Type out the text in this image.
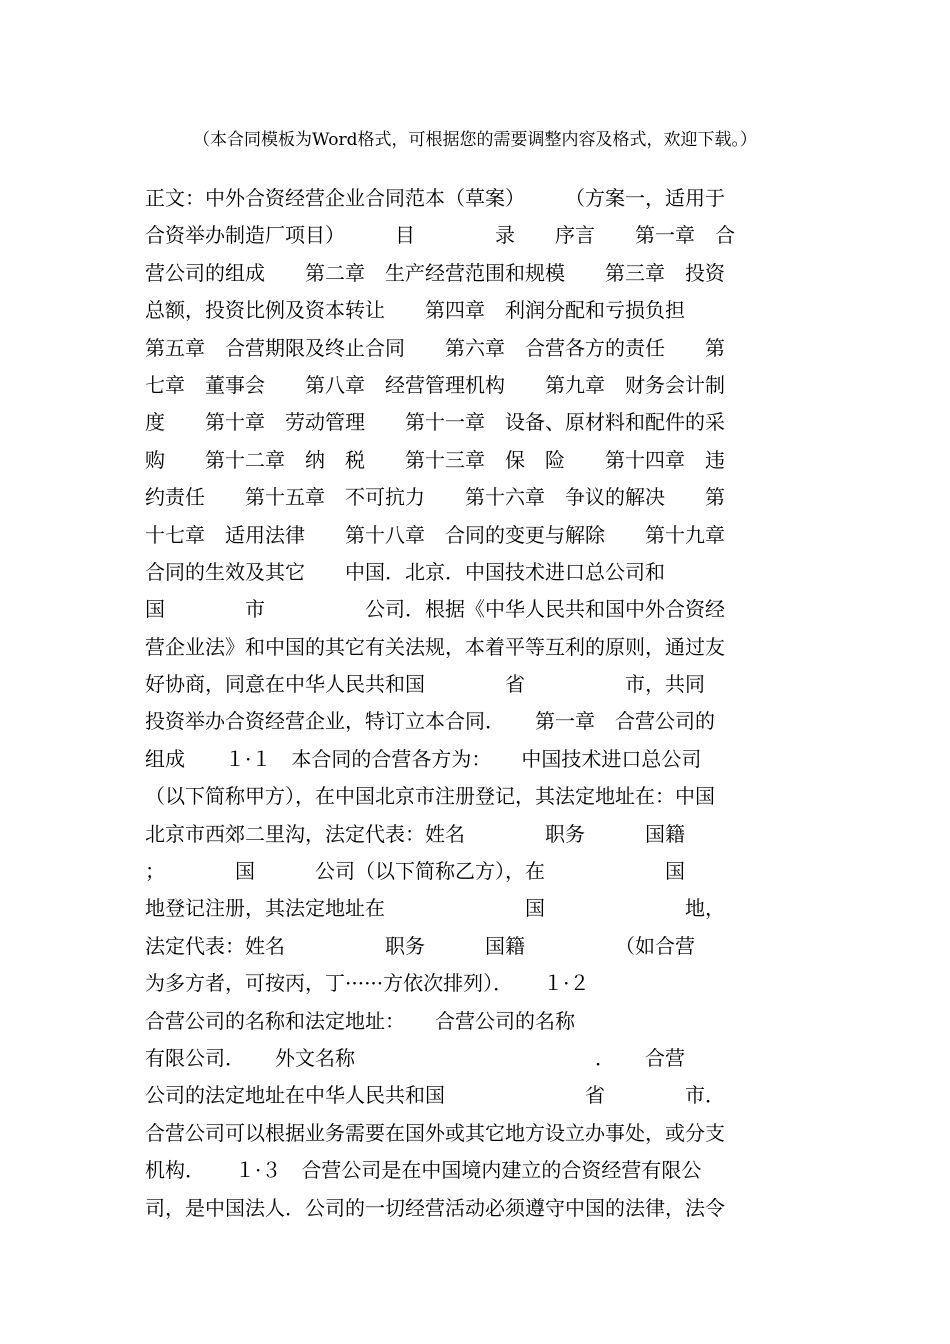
（本合同模板为Word格式，可根据您的需要调整内容及格式，欢迎下载。）
正文：中外合资经营企业合同范本（草案）　　　（方案一，适用于
合资举办制造厂项目）　　　目　　　　录　　序言　　第一章　合
营公司的组成　　第二章　生产经营范围和规模　　第三章　投资
总额，投资比例及资本转让　　第四章　利润分配和亏损负担
第五章　合营期限及终止合同　　第六章　合营各方的责任　　第
七章　董事会　　第八章　经营管理机构　　第九章　财务会计制
度　　第十章　劳动管理　　第十一章　设备、原材料和配件的采
购　　第十二章　纳　税　　第十三章　保　险　　第十四章　违
约责任　　第十五章　不可抗力　　第十六章　争议的解决　　第
十七章　适用法律　　第十八章　合同的变更与解除　　第十九章
合同的生效及其它　　中国．北京．中国技术进口总公司和
国　　　　市　　　　　公司．根据《中华人民共和国中外合资经
营企业法》和中国的其它有关法规，本着平等互利的原则，通过友
好协商，同意在中华人民共和国　　　　省　　　　　市，共同
投资举办合资经营企业，特订立本合同．　　第一章　合营公司的
组成　　１·１　本合同的合营各方为：　　中国技术进口总公司
（以下简称甲方），在中国北京市注册登记，其法定地址在：中国
北京市西郊二里沟，法定代表：姓名　　　　职务　　　国籍
；　　　　国　　　公司（以下简称乙方），在　　　　　　国
地登记注册，其法定地址在　　　　　　　国　　　　　　　地，
法定代表：姓名　　　　　职务　　　国籍　　　　　（如合营
为多方者，可按丙，丁······方依次排列）．　　１·２
合营公司的名称和法定地址：　　合营公司的名称
有限公司．　　外文名称　　　　　　　　　　　　．　　合营
公司的法定地址在中华人民共和国　　　　　　　省　　　　市．
合营公司可以根据业务需要在国外或其它地方设立办事处，或分支
机构．　　１·３　合营公司是在中国境内建立的合资经营有限公
司，是中国法人．公司的一切经营活动必须遵守中国的法律，法令
